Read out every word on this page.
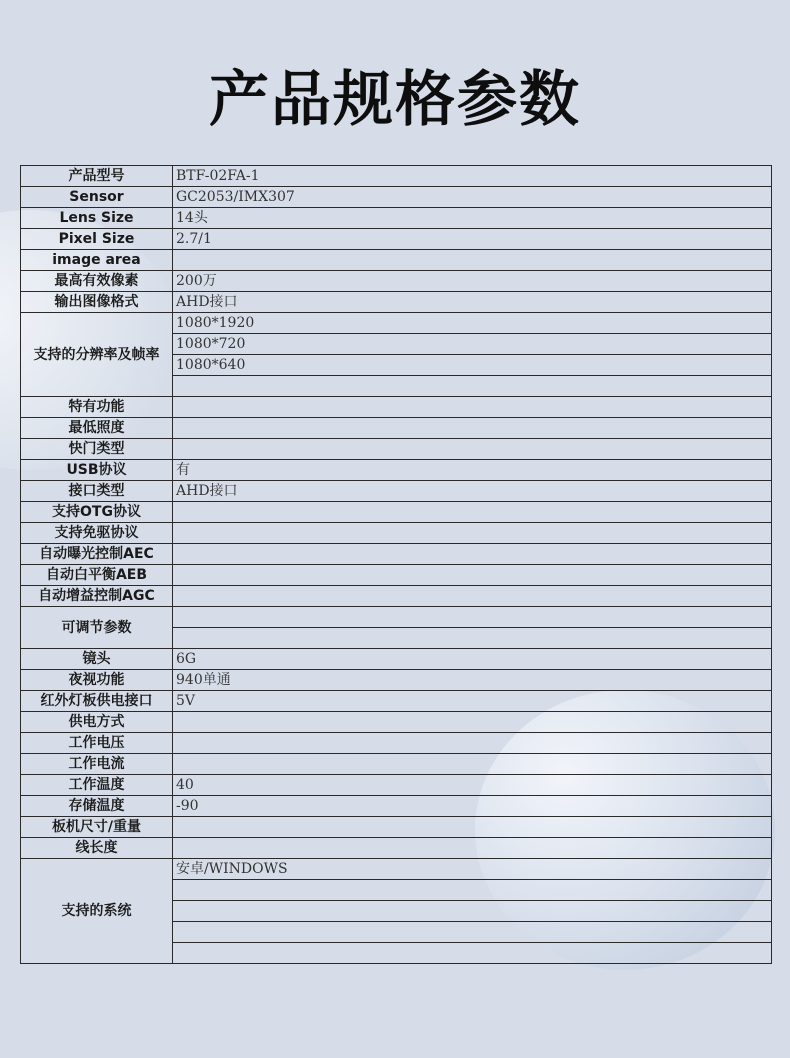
产品规格参数
产品型号	BTF-02FA-1
Sensor	GC2053/IMX307
Lens Size	14头
Pixel Size	2.7/1
image area	
最高有效像素	200万
输出图像格式	AHD接口
支持的分辨率及帧率	1080*1920
	1080*720
	1080*640

特有功能	
最低照度	
快门类型	
USB协议	有
接口类型	AHD接口
支持OTG协议	
支持免驱协议	
自动曝光控制AEC	
自动白平衡AEB	
自动增益控制AGC	
可调节参数	

镜头	6G
夜视功能	940单通
红外灯板供电接口	5V
供电方式	
工作电压	
工作电流	
工作温度	40
存储温度	-90
板机尺寸/重量	
线长度	
支持的系统	安卓/WINDOWS
